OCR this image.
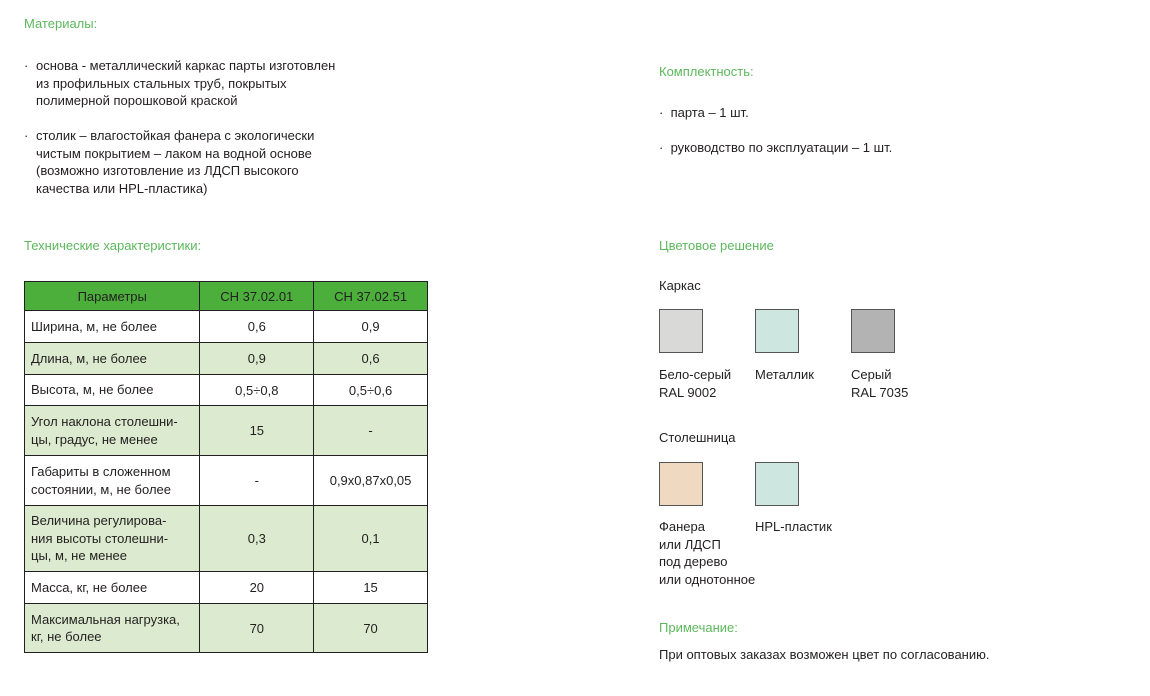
Материалы:
· основа - металлический каркас парты изготовлен
из профильных стальных труб, покрытых
полимерной порошковой краской
· столик – влагостойкая фанера с экологически
чистым покрытием – лаком на водной основе
(возможно изготовление из ЛДСП высокого
качества или HPL-пластика)
Комплектность:
· парта – 1 шт.
· руководство по эксплуатации – 1 шт.
Технические характеристики:
Параметры	СН 37.02.01	СН 37.02.51

Ширина, м, не более	0,6	0,9

Длина, м, не более	0,9	0,6

Высота, м, не более	0,5÷0,8	0,5÷0,6

Угол наклона столешни-
цы, градус, не менее	15	-

Габариты в сложенном
состоянии, м, не более	-	0,9х0,87х0,05

Величина регулирова-
ния высоты столешни-
цы, м, не менее	0,3	0,1

Масса, кг, не более	20	15

Максимальная нагрузка,
кг, не более	70	70
Цветовое решение
Каркас
Бело-серый
RAL 9002
Металлик	Серый
RAL 7035
Столешница
Фанера
или ЛДСП
под дерево
или однотонное
HPL-пластик
Примечание:
При оптовых заказах возможен цвет по согласованию.
